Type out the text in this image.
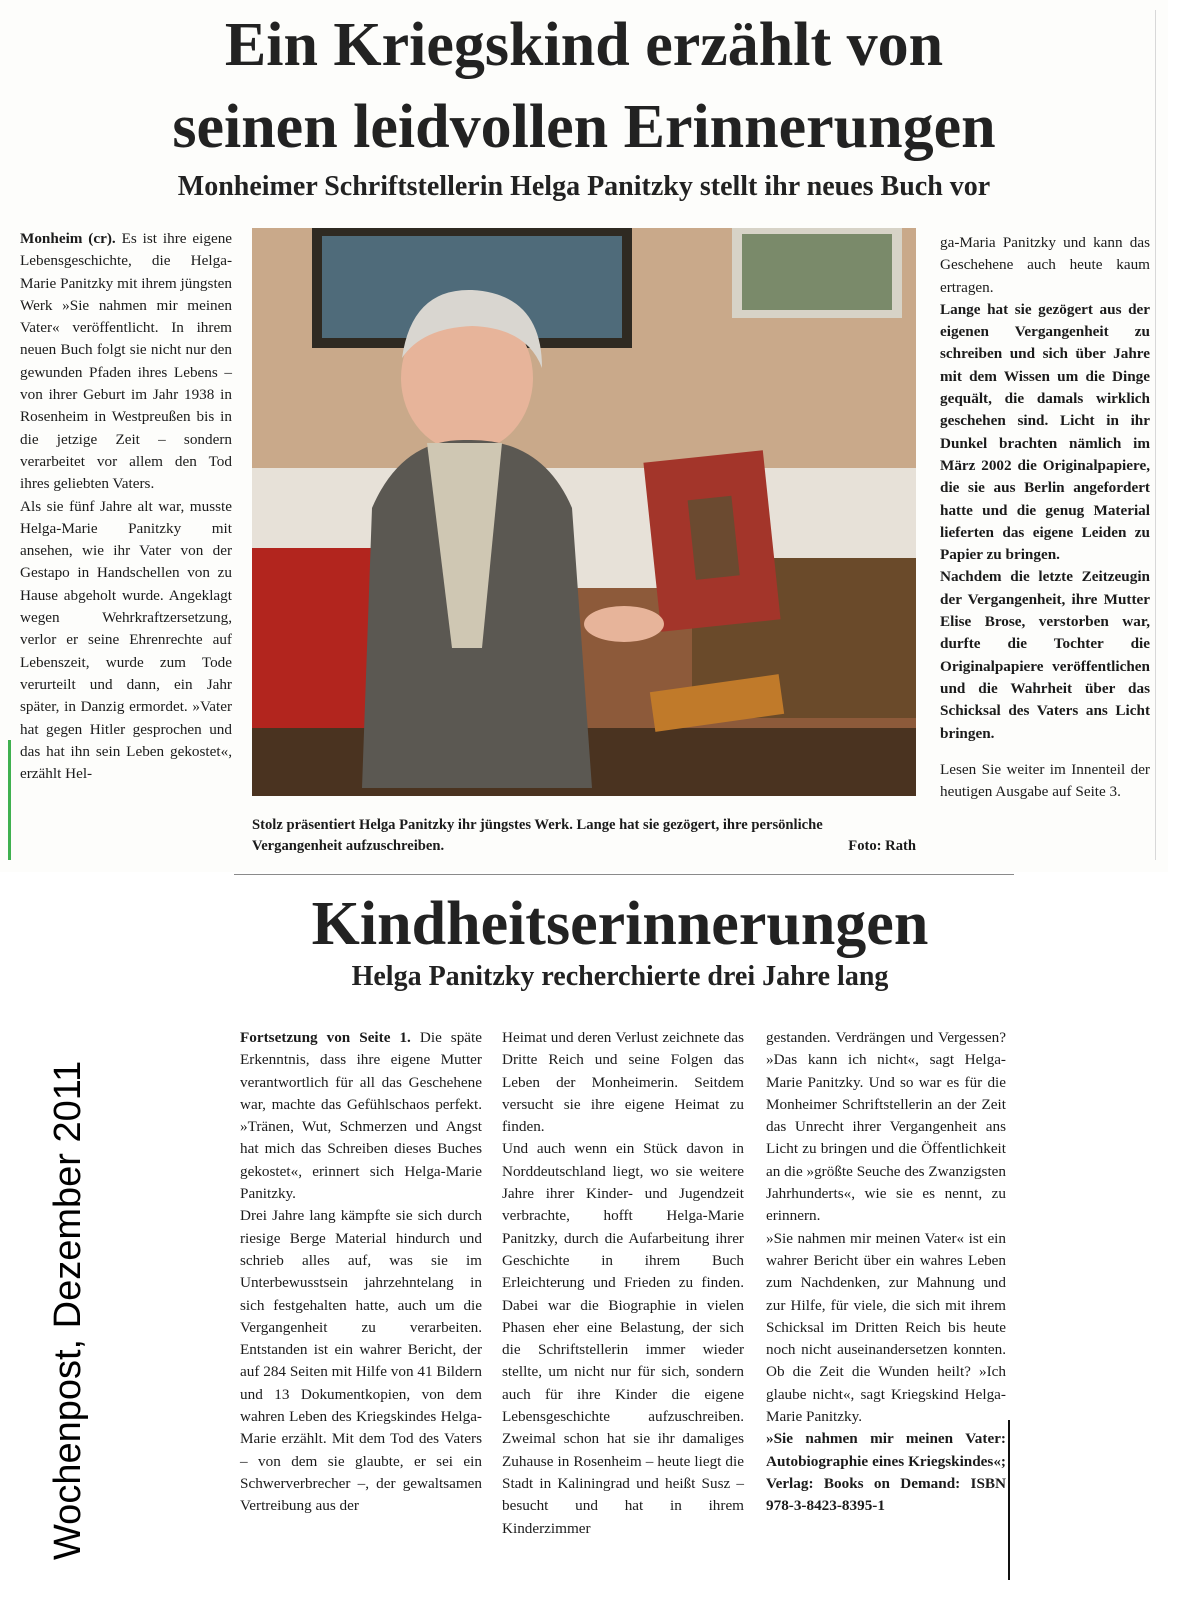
Ein Kriegskind erzählt von
seinen leidvollen Erinnerungen
Monheimer Schriftstellerin Helga Panitzky stellt ihr neues Buch vor

Monheim (cr). Es ist ihre eigene Lebensgeschichte, die Helga-Marie Panitzky mit ihrem jüngsten Werk »Sie nahmen mir meinen Vater« veröffentlicht. In ihrem neuen Buch folgt sie nicht nur den gewunden Pfaden ihres Lebens – von ihrer Geburt im Jahr 1938 in Rosenheim in Westpreußen bis in die jetzige Zeit – sondern verarbeitet vor allem den Tod ihres geliebten Vaters.

Als sie fünf Jahre alt war, musste Helga-Marie Panitzky mit ansehen, wie ihr Vater von der Gestapo in Handschellen von zu Hause abgeholt wurde. Angeklagt wegen Wehrkraftzersetzung, verlor er seine Ehrenrechte auf Lebenszeit, wurde zum Tode verurteilt und dann, ein Jahr später, in Danzig ermordet. »Vater hat gegen Hitler gesprochen und das hat ihn sein Leben gekostet«, erzählt Hel-

Stolz präsentiert Helga Panitzky ihr jüngstes Werk. Lange hat sie gezögert, ihre persönliche Vergangenheit aufzuschreiben.	Foto: Rath

ga-Maria Panitzky und kann das Geschehene auch heute kaum ertragen.

Lange hat sie gezögert aus der eigenen Vergangenheit zu schreiben und sich über Jahre mit dem Wissen um die Dinge gequält, die damals wirklich geschehen sind. Licht in ihr Dunkel brachten nämlich im März 2002 die Originalpapiere, die sie aus Berlin angefordert hatte und die genug Material lieferten das eigene Leiden zu Papier zu bringen.

Nachdem die letzte Zeitzeugin der Vergangenheit, ihre Mutter Elise Brose, verstorben war, durfte die Tochter die Originalpapiere veröffentlichen und die Wahrheit über das Schicksal des Vaters ans Licht bringen.

Lesen Sie weiter im Innenteil der heutigen Ausgabe auf Seite 3.

Kindheitserinnerungen
Helga Panitzky recherchierte drei Jahre lang

Fortsetzung von Seite 1. Die späte Erkenntnis, dass ihre eigene Mutter verantwortlich für all das Geschehene war, machte das Gefühlschaos perfekt. »Tränen, Wut, Schmerzen und Angst hat mich das Schreiben dieses Buches gekostet«, erinnert sich Helga-Marie Panitzky.

Drei Jahre lang kämpfte sie sich durch riesige Berge Material hindurch und schrieb alles auf, was sie im Unterbewusstsein jahrzehntelang in sich festgehalten hatte, auch um die Vergangenheit zu verarbeiten. Entstanden ist ein wahrer Bericht, der auf 284 Seiten mit Hilfe von 41 Bildern und 13 Dokumentkopien, von dem wahren Leben des Kriegskindes Helga-Marie erzählt. Mit dem Tod des Vaters – von dem sie glaubte, er sei ein Schwerverbrecher –, der gewaltsamen Vertreibung aus der

Heimat und deren Verlust zeichnete das Dritte Reich und seine Folgen das Leben der Monheimerin. Seitdem versucht sie ihre eigene Heimat zu finden.

Und auch wenn ein Stück davon in Norddeutschland liegt, wo sie weitere Jahre ihrer Kinder- und Jugendzeit verbrachte, hofft Helga-Marie Panitzky, durch die Aufarbeitung ihrer Geschichte in ihrem Buch Erleichterung und Frieden zu finden. Dabei war die Biographie in vielen Phasen eher eine Belastung, der sich die Schriftstellerin immer wieder stellte, um nicht nur für sich, sondern auch für ihre Kinder die eigene Lebensgeschichte aufzuschreiben. Zweimal schon hat sie ihr damaliges Zuhause in Rosenheim – heute liegt die Stadt in Kaliningrad und heißt Susz – besucht und hat in ihrem Kinderzimmer

gestanden. Verdrängen und Vergessen? »Das kann ich nicht«, sagt Helga-Marie Panitzky. Und so war es für die Monheimer Schriftstellerin an der Zeit das Unrecht ihrer Vergangenheit ans Licht zu bringen und die Öffentlichkeit an die »größte Seuche des Zwanzigsten Jahrhunderts«, wie sie es nennt, zu erinnern.

»Sie nahmen mir meinen Vater« ist ein wahrer Bericht über ein wahres Leben zum Nachdenken, zur Mahnung und zur Hilfe, für viele, die sich mit ihrem Schicksal im Dritten Reich bis heute noch nicht auseinandersetzen konnten. Ob die Zeit die Wunden heilt? »Ich glaube nicht«, sagt Kriegskind Helga-Marie Panitzky.

»Sie nahmen mir meinen Vater: Autobiographie eines Kriegskindes«; Verlag: Books on Demand: ISBN 978-3-8423-8395-1

Wochenpost, Dezember 2011
